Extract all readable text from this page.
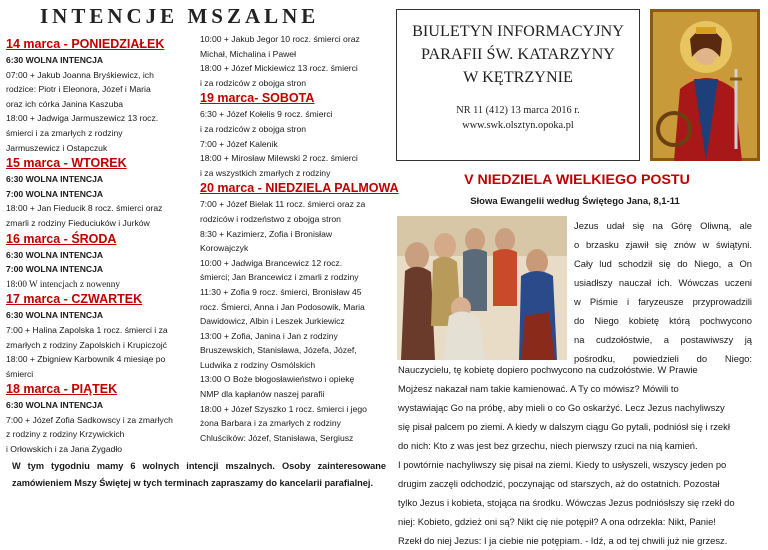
INTENCJE MSZALNE
14 marca - PONIEDZIAŁEK
6:30 WOLNA INTENCJA
07:00 + Jakub Joanna Bryśkiewicz, ich
rodzice: Piotr i Eleonora, Józef i Maria
oraz ich córka Janina Kaszuba
18:00 + Jadwiga Jarmuszewicz 13 rocz.
śmierci i za zmarłych z rodziny
Jarmuszewicz i Ostapczuk
15 marca - WTOREK
6:30 WOLNA INTENCJA
7:00 WOLNA INTENCJA
18:00 + Jan Fieducik 8 rocz. śmierci oraz
zmarli z rodziny Fieduciuków i Jurków
16 marca - ŚRODA
6:30 WOLNA INTENCJA
7:00 WOLNA INTENCJA
18:00 W intencjach z nowenny
17 marca - CZWARTEK
6:30 WOLNA INTENCJA
7:00 + Halina Zapolska 1 rocz. śmierci i za
zmarłych z rodziny Zapolskich i Krupiczojć
18:00 + Zbigniew Karbownik 4 miesiąe po
śmierci
18 marca - PIĄTEK
6:30 WOLNA INTENCJA
7:00 + Józef Zofia Sadkowscy i za zmarłych
z rodziny z rodziny Krzywickich
i Orłowskich i za Jana Żygadło
10:00 + Jakub Jegor 10 rocz. śmierci oraz
Michał, Michalina i Paweł
18:00 + Józef Mickiewicz 13 rocz. śmierci
i za rodziców z obojga stron
19 marca- SOBOTA
6:30 + Józef Kołelis 9 rocz. śmierci
i za rodziców z obojga stron
7:00 + Józef Kalenik
18:00 + Mirosław Milewski 2 rocz. śmierci
i za wszystkich zmarłych z rodziny
20 marca - NIEDZIELA PALMOWA
7:00 + Józef Bielak 11 rocz. śmierci oraz za
rodziców i rodzeństwo z obojga stron
8:30 + Kazimierz, Zofia i Bronisław
Korowajczyk
10:00 + Jadwiga Brancewicz 12 rocz.
śmierci; Jan Brancewicz i zmarli z rodziny
11:30 + Zofia 9 rocz. śmierci, Bronisław 45
rocz. Śmierci, Anna i Jan Podosowik, Maria
Dawidowicz, Albin i Leszek Jurkiewicz
13:00 + Zofia, Janina i Jan z rodziny
Bruszewskich, Stanisława, Józefa, Józef,
Ludwika z rodziny Osmólskich
13:00 O Boże błogosławieństwo i opiekę
NMP dla kapłanów naszej parafii
18:00 + Józef Szyszko 1 rocz. śmierci i jego
żona Barbara i za zmarłych z rodziny
Chluścików: Józef, Stanisława, Sergiusz
W tym tygodniu mamy 6 wolnych intencji mszalnych. Osoby zainteresowane zamówieniem Mszy Świętej w tych terminach zapraszamy do kancelarii parafialnej.
BIULETYN INFORMACYJNY
PARAFII ŚW. KATARZYNY
W KĘTRZYNIE
NR 11 (412) 13 marca 2016 r.
www.swk.olsztyn.opoka.pl
V NIEDZIELA WIELKIEGO POSTU
Słowa Ewangelii według Świętego Jana, 8,1-11
Jezus udał się na Górę Oliwną, ale
o brzasku zjawił się znów w świątyni.
Cały lud schodził się do Niego, a On
usiadłszy nauczał ich. Wówczas uczeni
w Piśmie i faryzeusze przyprowadzili
do Niego kobietę którą pochwycono
na cudzołóstwie, a postawiwszy ją
pośrodku, powiedzieli do Niego:
Nauczycielu, tę kobietę dopiero pochwycono na cudzołóstwie. W Prawie
Mojżesz nakazał nam takie kamienować. A Ty co mówisz? Mówili to
wystawiając Go na próbę, aby mieli o co Go oskarżyć. Lecz Jezus nachyliwszy
się pisał palcem po ziemi. A kiedy w dalszym ciągu Go pytali, podniósł się i rzekł
do nich: Kto z was jest bez grzechu, niech pierwszy rzuci na nią kamień.
I powtórnie nachyliwszy się pisał na ziemi. Kiedy to usłyszeli, wszyscy jeden po
drugim zaczęli odchodzić, poczynając od starszych, aż do ostatnich. Pozostał
tylko Jezus i kobieta, stojąca na środku. Wówczas Jezus podniósłszy się rzekł do
niej: Kobieto, gdzież oni są? Nikt cię nie potępił? A ona odrzekła: Nikt, Panie!
Rzekł do niej Jezus: I ja ciebie nie potępiam. - Idź, a od tej chwili już nie grzesz.
